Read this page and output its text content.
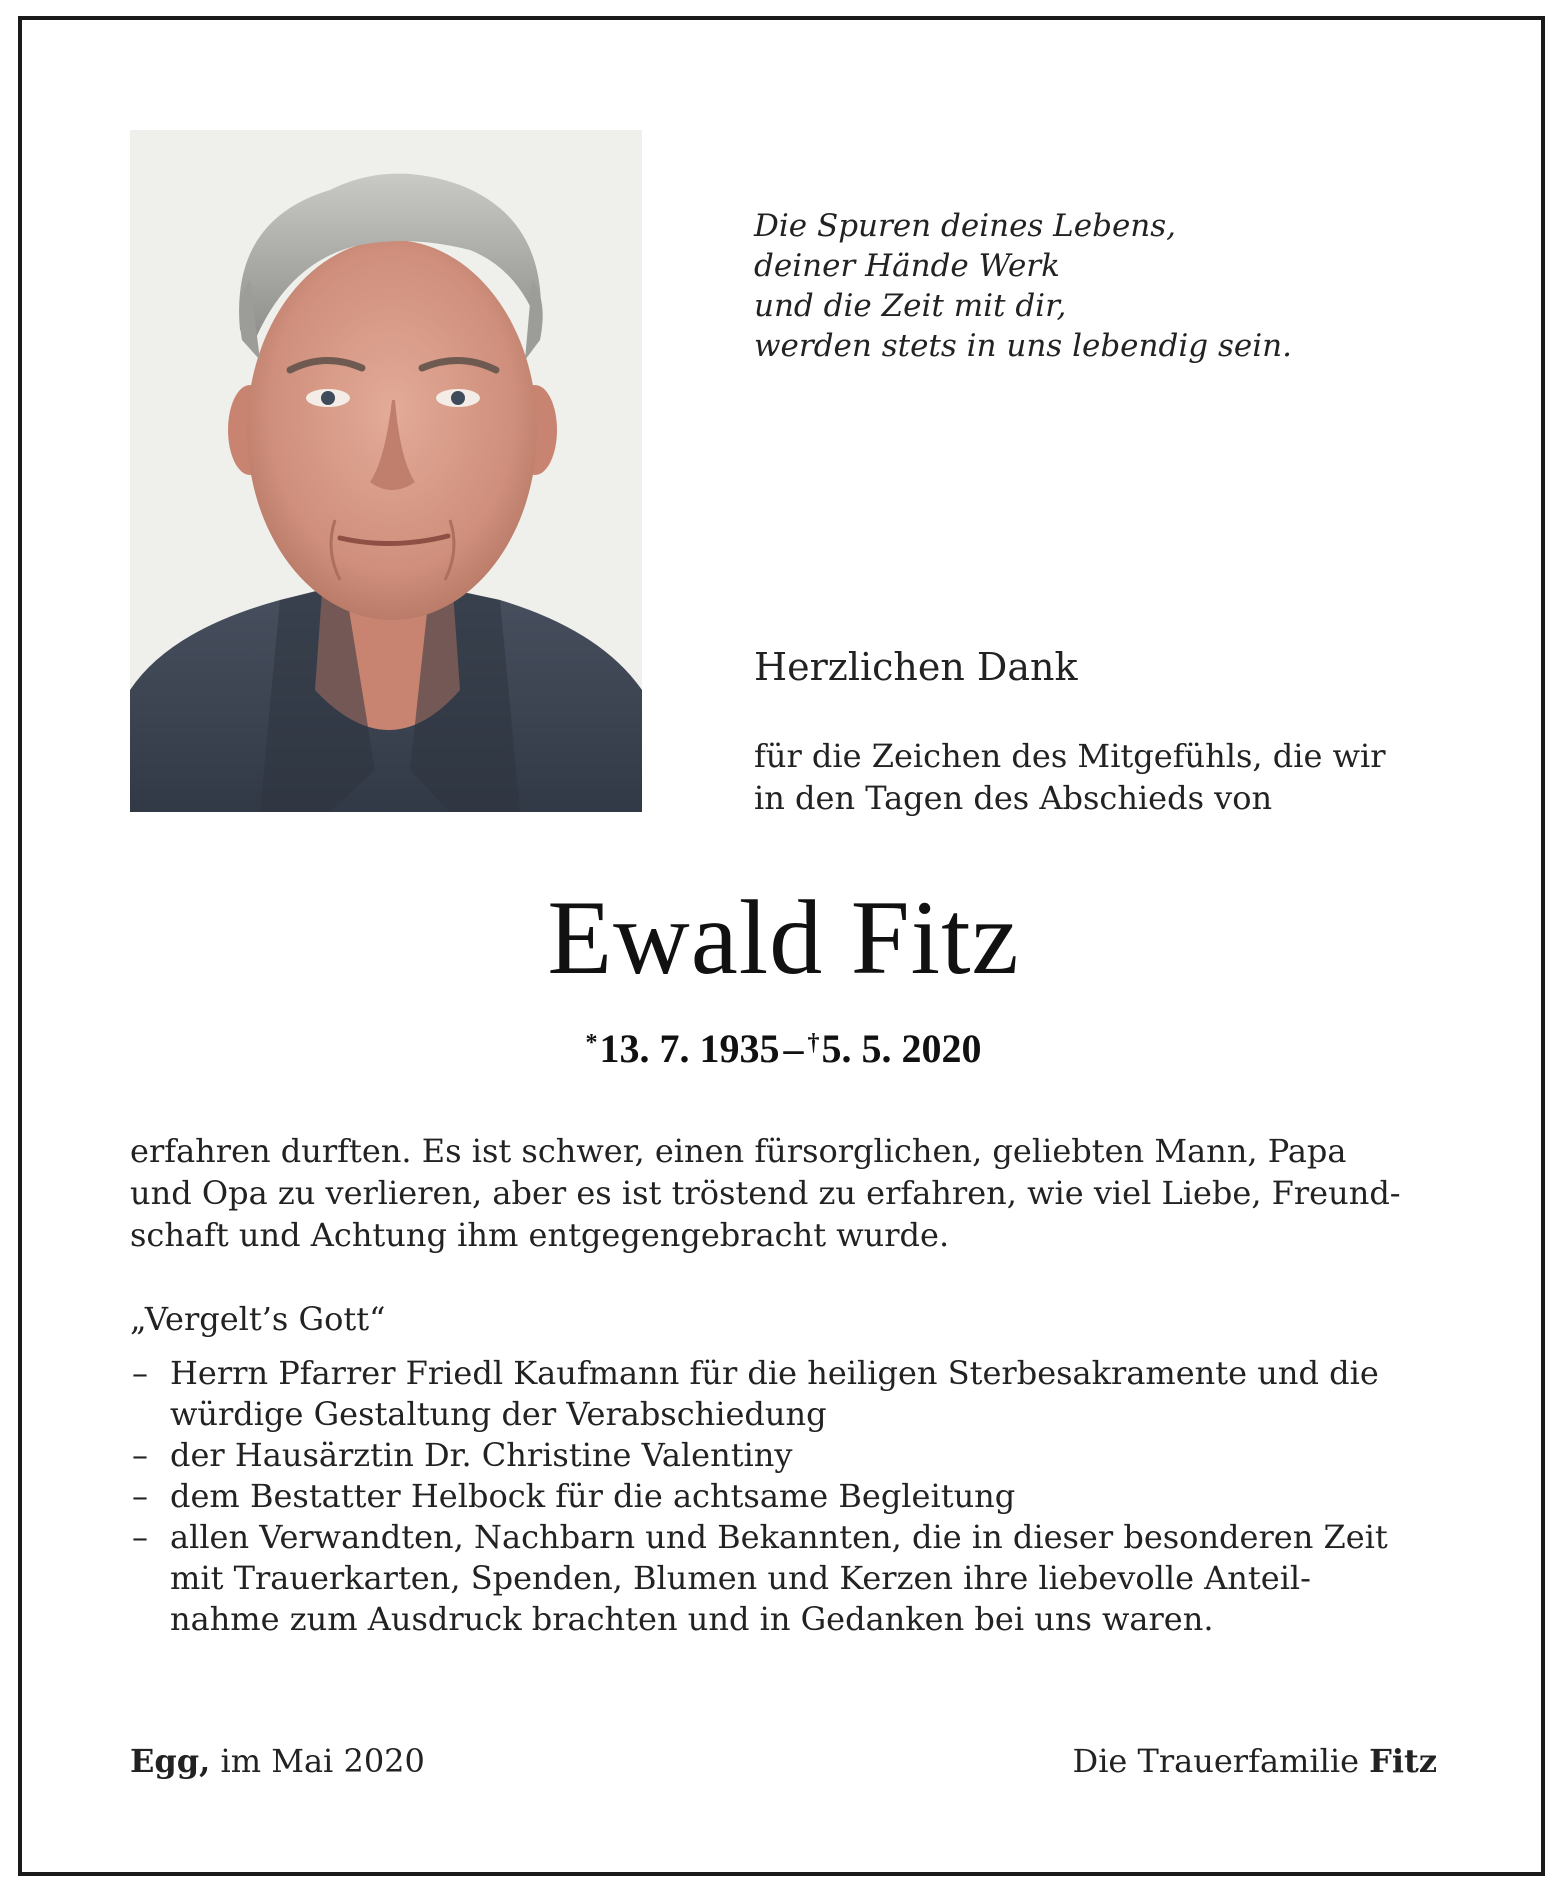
Die Spuren deines Lebens,
deiner Hände Werk
und die Zeit mit dir,
werden stets in uns lebendig sein.
Herzlichen Dank
für die Zeichen des Mitgefühls, die wir
in den Tagen des Abschieds von
Ewald Fitz
*13. 7. 1935 – †5. 5. 2020
erfahren durften. Es ist schwer, einen fürsorglichen, geliebten Mann, Papa
und Opa zu verlieren, aber es ist tröstend zu erfahren, wie viel Liebe, Freund-
schaft und Achtung ihm entgegengebracht wurde.
„Vergelt’s Gott“
– Herrn Pfarrer Friedl Kaufmann für die heiligen Sterbesakramente und die
würdige Gestaltung der Verabschiedung
– der Hausärztin Dr. Christine Valentiny
– dem Bestatter Helbock für die achtsame Begleitung
– allen Verwandten, Nachbarn und Bekannten, die in dieser besonderen Zeit
mit Trauerkarten, Spenden, Blumen und Kerzen ihre liebevolle Anteil-
nahme zum Ausdruck brachten und in Gedanken bei uns waren.
Egg, im Mai 2020	Die Trauerfamilie Fitz
